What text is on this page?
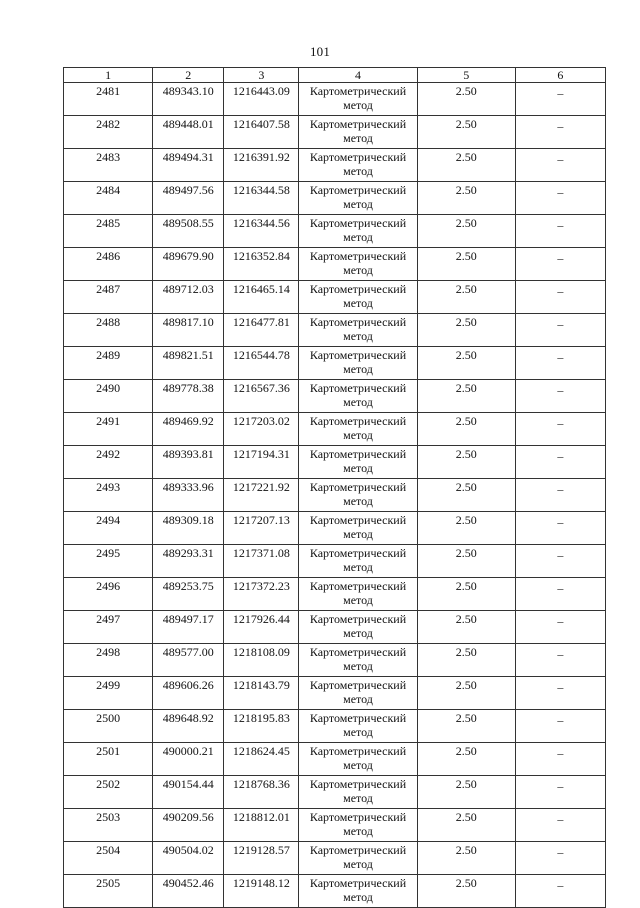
101
1	2	3	4	5	6
2481	489343.10	1216443.09	Картометрический метод	2.50	–
2482	489448.01	1216407.58	Картометрический метод	2.50	–
2483	489494.31	1216391.92	Картометрический метод	2.50	–
2484	489497.56	1216344.58	Картометрический метод	2.50	–
2485	489508.55	1216344.56	Картометрический метод	2.50	–
2486	489679.90	1216352.84	Картометрический метод	2.50	–
2487	489712.03	1216465.14	Картометрический метод	2.50	–
2488	489817.10	1216477.81	Картометрический метод	2.50	–
2489	489821.51	1216544.78	Картометрический метод	2.50	–
2490	489778.38	1216567.36	Картометрический метод	2.50	–
2491	489469.92	1217203.02	Картометрический метод	2.50	–
2492	489393.81	1217194.31	Картометрический метод	2.50	–
2493	489333.96	1217221.92	Картометрический метод	2.50	–
2494	489309.18	1217207.13	Картометрический метод	2.50	–
2495	489293.31	1217371.08	Картометрический метод	2.50	–
2496	489253.75	1217372.23	Картометрический метод	2.50	–
2497	489497.17	1217926.44	Картометрический метод	2.50	–
2498	489577.00	1218108.09	Картометрический метод	2.50	–
2499	489606.26	1218143.79	Картометрический метод	2.50	–
2500	489648.92	1218195.83	Картометрический метод	2.50	–
2501	490000.21	1218624.45	Картометрический метод	2.50	–
2502	490154.44	1218768.36	Картометрический метод	2.50	–
2503	490209.56	1218812.01	Картометрический метод	2.50	–
2504	490504.02	1219128.57	Картометрический метод	2.50	–
2505	490452.46	1219148.12	Картометрический метод	2.50	–
